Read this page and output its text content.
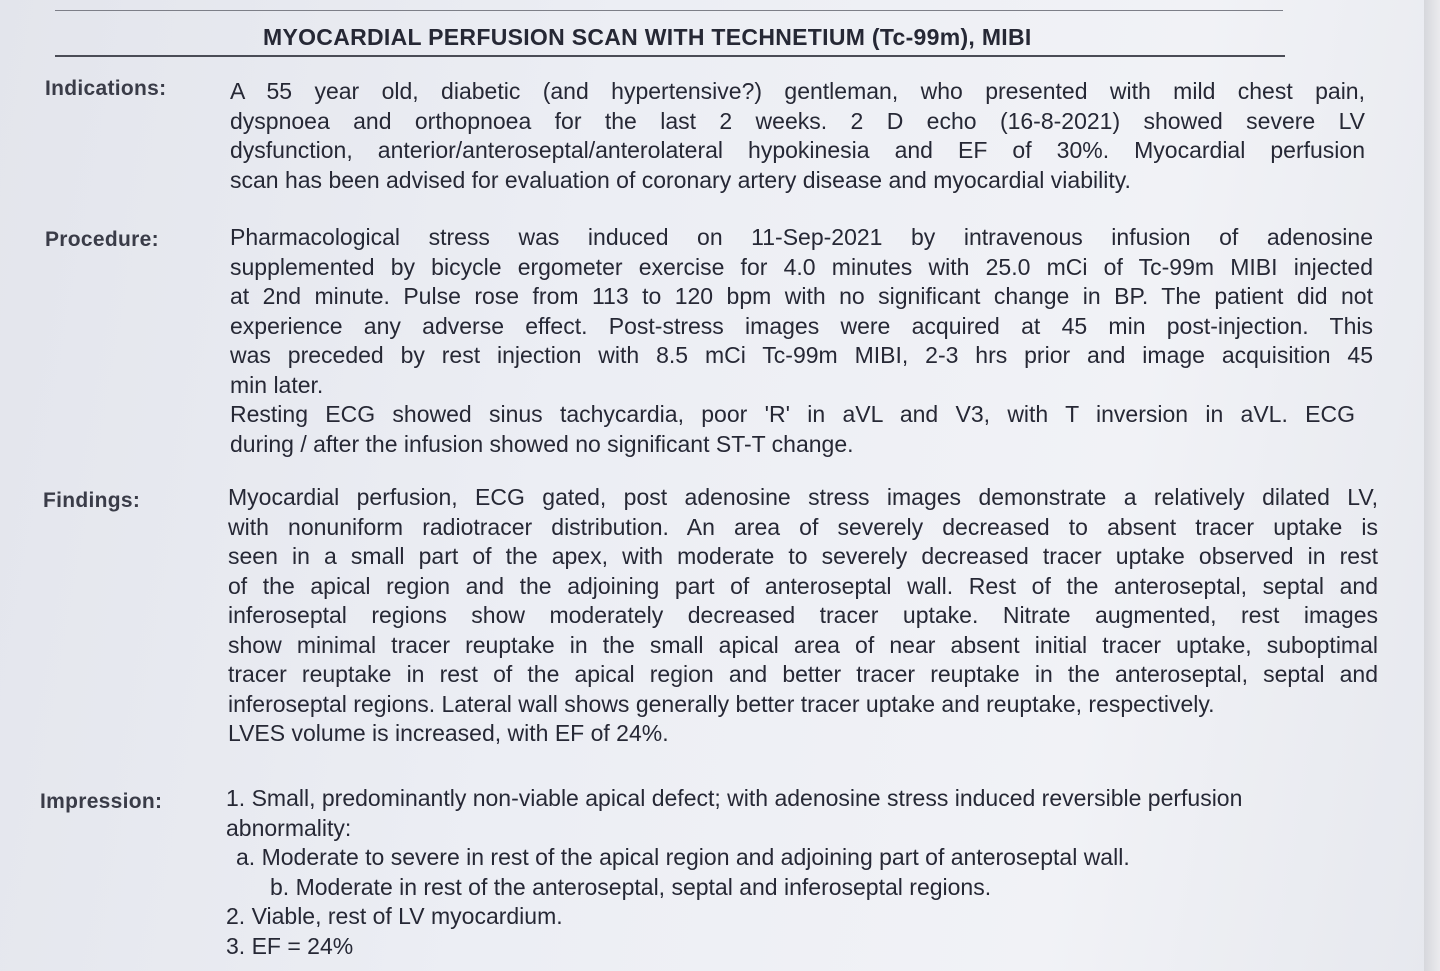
MYOCARDIAL PERFUSION SCAN WITH TECHNETIUM (Tc-99m), MIBI
Indications:	A 55 year old, diabetic (and hypertensive?) gentleman, who presented with mild chest pain,
dyspnoea and orthopnoea for the last 2 weeks. 2 D echo (16-8-2021) showed severe LV
dysfunction, anterior/anteroseptal/anterolateral hypokinesia and EF of 30%. Myocardial perfusion
scan has been advised for evaluation of coronary artery disease and myocardial viability.
Procedure:	Pharmacological stress was induced on 11-Sep-2021 by intravenous infusion of adenosine
supplemented by bicycle ergometer exercise for 4.0 minutes with 25.0 mCi of Tc-99m MIBI injected
at 2nd minute. Pulse rose from 113 to 120 bpm with no significant change in BP. The patient did not
experience any adverse effect. Post-stress images were acquired at 45 min post-injection. This
was preceded by rest injection with 8.5 mCi Tc-99m MIBI, 2-3 hrs prior and image acquisition 45
min later.
Resting ECG showed sinus tachycardia, poor 'R' in aVL and V3, with T inversion in aVL. ECG
during / after the infusion showed no significant ST-T change.
Findings:	Myocardial perfusion, ECG gated, post adenosine stress images demonstrate a relatively dilated LV,
with nonuniform radiotracer distribution. An area of severely decreased to absent tracer uptake is
seen in a small part of the apex, with moderate to severely decreased tracer uptake observed in rest
of the apical region and the adjoining part of anteroseptal wall. Rest of the anteroseptal, septal and
inferoseptal regions show moderately decreased tracer uptake. Nitrate augmented, rest images
show minimal tracer reuptake in the small apical area of near absent initial tracer uptake, suboptimal
tracer reuptake in rest of the apical region and better tracer reuptake in the anteroseptal, septal and
inferoseptal regions. Lateral wall shows generally better tracer uptake and reuptake, respectively.
LVES volume is increased, with EF of 24%.
Impression:	1. Small, predominantly non-viable apical defect; with adenosine stress induced reversible perfusion
abnormality:
a. Moderate to severe in rest of the apical region and adjoining part of anteroseptal wall.
b. Moderate in rest of the anteroseptal, septal and inferoseptal regions.
2. Viable, rest of LV myocardium.
3. EF = 24%
